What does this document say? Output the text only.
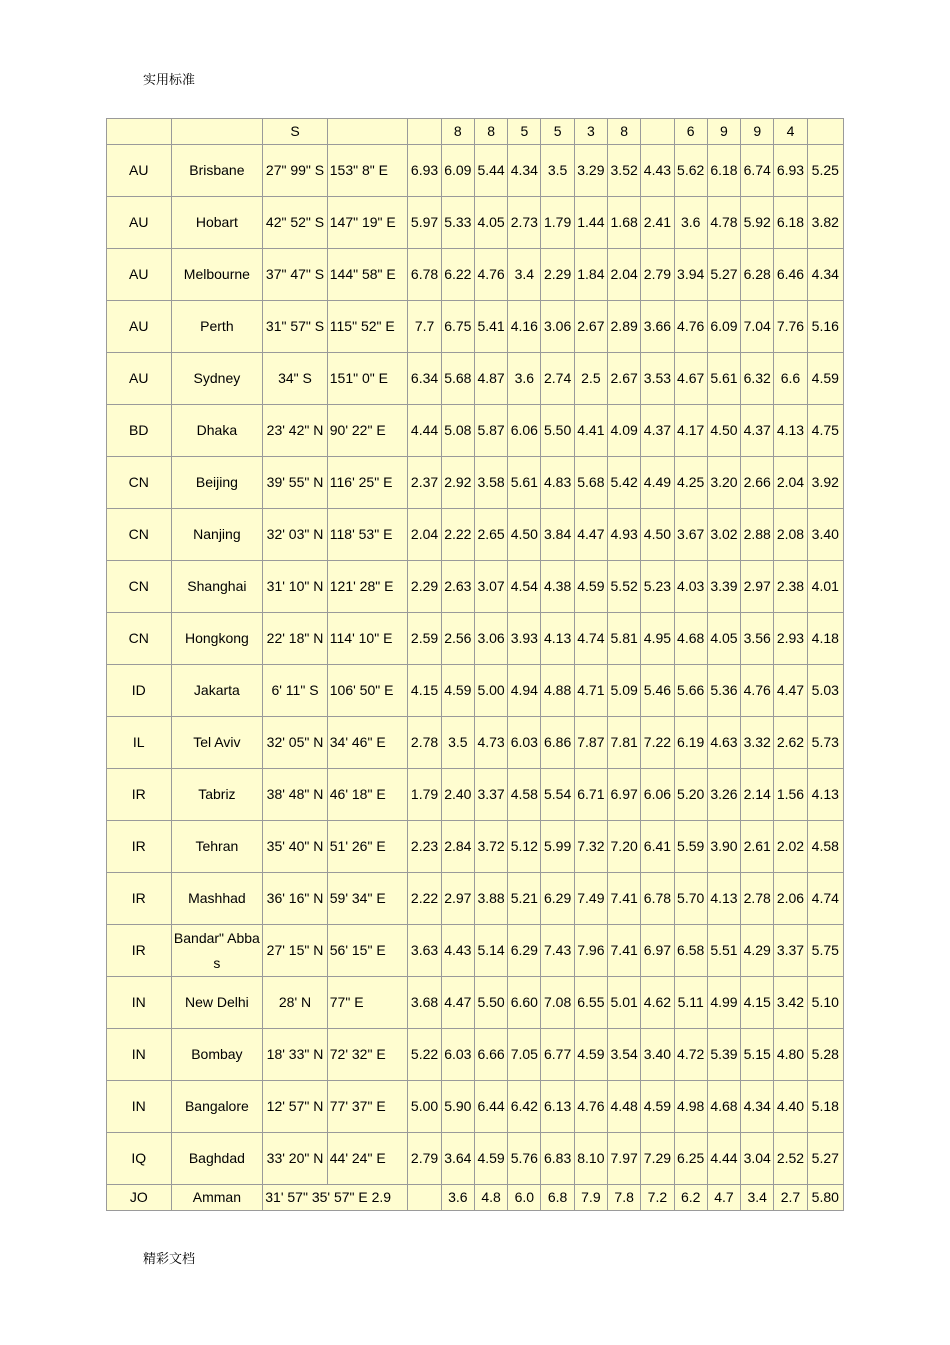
实用标准
		S			8	8	5	5	3	8		6	9	9	4	
AU	Brisbane	27" 99" S	153" 8" E	6.93	6.09	5.44	4.34	3.5	3.29	3.52	4.43	5.62	6.18	6.74	6.93	5.25
AU	Hobart	42" 52" S	147" 19" E	5.97	5.33	4.05	2.73	1.79	1.44	1.68	2.41	3.6	4.78	5.92	6.18	3.82
AU	Melbourne	37" 47" S	144" 58" E	6.78	6.22	4.76	3.4	2.29	1.84	2.04	2.79	3.94	5.27	6.28	6.46	4.34
AU	Perth	31" 57" S	115" 52" E	7.7	6.75	5.41	4.16	3.06	2.67	2.89	3.66	4.76	6.09	7.04	7.76	5.16
AU	Sydney	34" S	151" 0" E	6.34	5.68	4.87	3.6	2.74	2.5	2.67	3.53	4.67	5.61	6.32	6.6	4.59
BD	Dhaka	23' 42" N	90' 22" E	4.44	5.08	5.87	6.06	5.50	4.41	4.09	4.37	4.17	4.50	4.37	4.13	4.75
CN	Beijing	39' 55" N	116' 25" E	2.37	2.92	3.58	5.61	4.83	5.68	5.42	4.49	4.25	3.20	2.66	2.04	3.92
CN	Nanjing	32' 03" N	118' 53" E	2.04	2.22	2.65	4.50	3.84	4.47	4.93	4.50	3.67	3.02	2.88	2.08	3.40
CN	Shanghai	31' 10" N	121' 28" E	2.29	2.63	3.07	4.54	4.38	4.59	5.52	5.23	4.03	3.39	2.97	2.38	4.01
CN	Hongkong	22' 18" N	114' 10" E	2.59	2.56	3.06	3.93	4.13	4.74	5.81	4.95	4.68	4.05	3.56	2.93	4.18
ID	Jakarta	6' 11" S	106' 50" E	4.15	4.59	5.00	4.94	4.88	4.71	5.09	5.46	5.66	5.36	4.76	4.47	5.03
IL	Tel Aviv	32' 05" N	34' 46" E	2.78	3.5	4.73	6.03	6.86	7.87	7.81	7.22	6.19	4.63	3.32	2.62	5.73
IR	Tabriz	38' 48" N	46' 18" E	1.79	2.40	3.37	4.58	5.54	6.71	6.97	6.06	5.20	3.26	2.14	1.56	4.13
IR	Tehran	35' 40" N	51' 26" E	2.23	2.84	3.72	5.12	5.99	7.32	7.20	6.41	5.59	3.90	2.61	2.02	4.58
IR	Mashhad	36' 16" N	59' 34" E	2.22	2.97	3.88	5.21	6.29	7.49	7.41	6.78	5.70	4.13	2.78	2.06	4.74
IR	Bandar" Abbas	27' 15" N	56' 15" E	3.63	4.43	5.14	6.29	7.43	7.96	7.41	6.97	6.58	5.51	4.29	3.37	5.75
IN	New Delhi	28' N	77" E	3.68	4.47	5.50	6.60	7.08	6.55	5.01	4.62	5.11	4.99	4.15	3.42	5.10
IN	Bombay	18' 33" N	72' 32" E	5.22	6.03	6.66	7.05	6.77	4.59	3.54	3.40	4.72	5.39	5.15	4.80	5.28
IN	Bangalore	12' 57" N	77' 37" E	5.00	5.90	6.44	6.42	6.13	4.76	4.48	4.59	4.98	4.68	4.34	4.40	5.18
IQ	Baghdad	33' 20" N	44' 24" E	2.79	3.64	4.59	5.76	6.83	8.10	7.97	7.29	6.25	4.44	3.04	2.52	5.27
JO	Amman	31' 57" 35' 57" E 2.9			3.6	4.8	6.0	6.8	7.9	7.8	7.2	6.2	4.7	3.4	2.7	5.80
精彩文档
